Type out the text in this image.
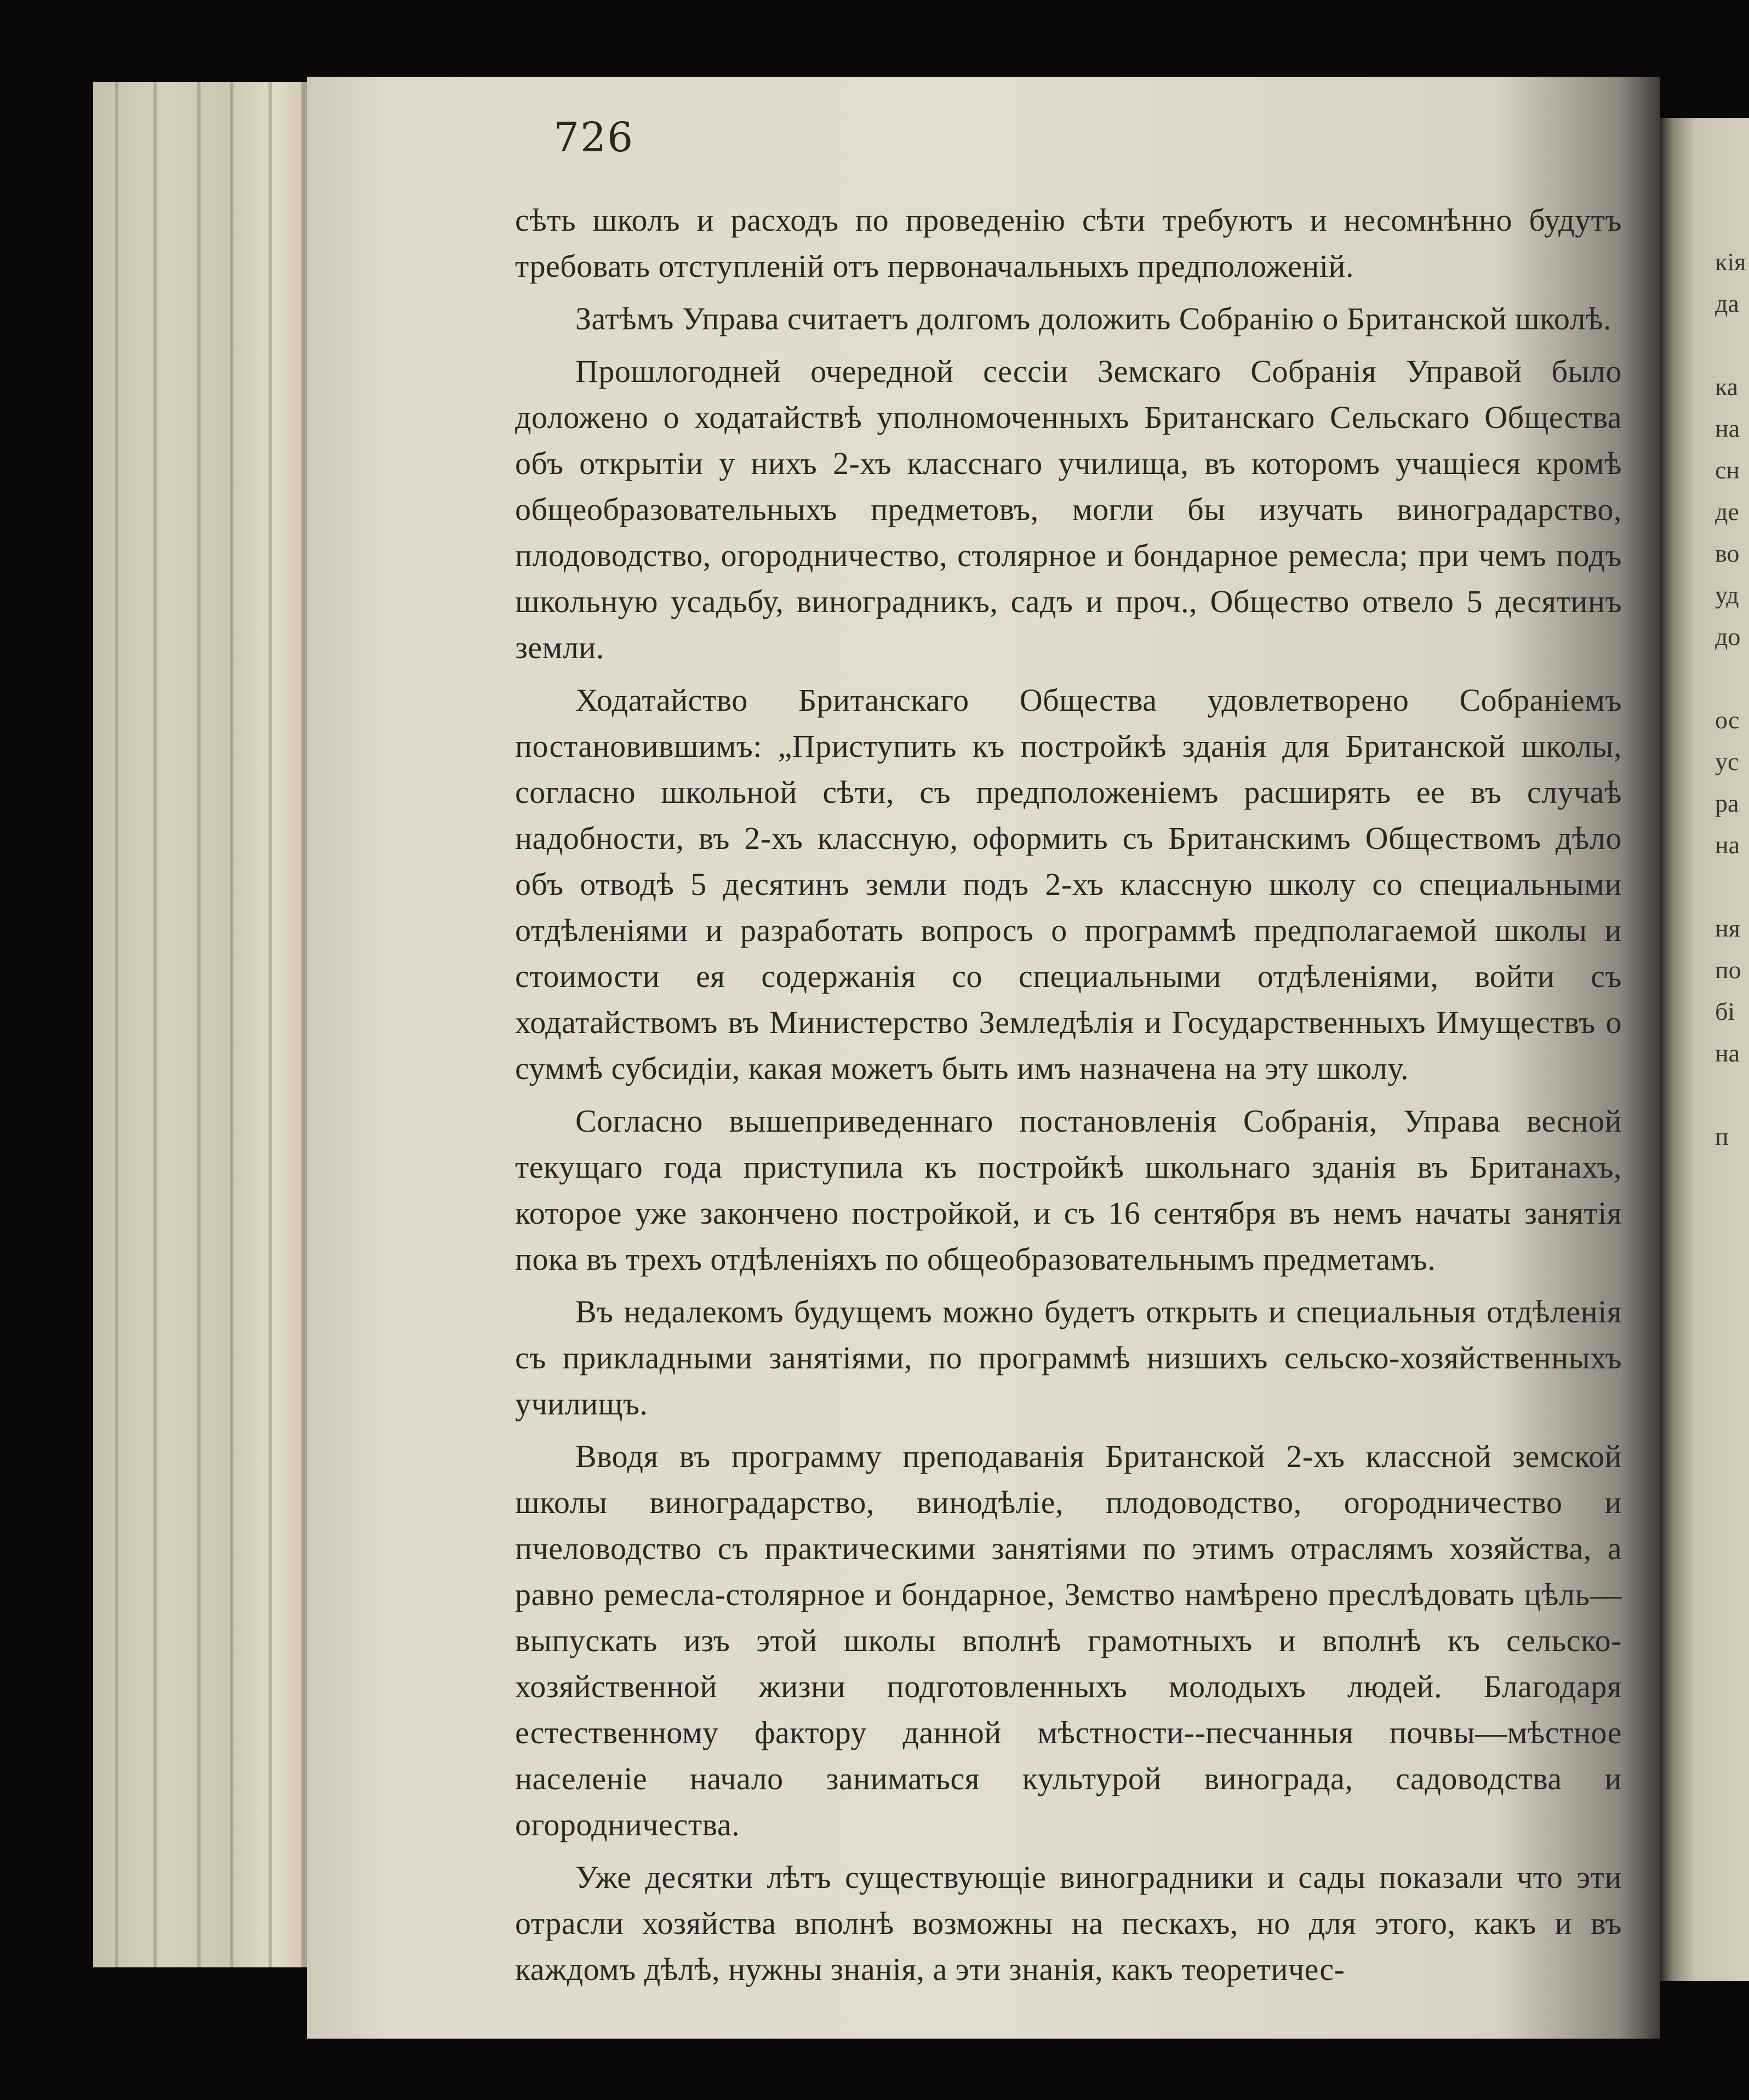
726

сѣть школъ и расходъ по проведенію сѣти требуютъ и несомнѣнно будутъ требовать отступленій отъ первоначальныхъ предположеній.

Затѣмъ Управа считаетъ долгомъ доложить Собранію о Британской школѣ.

Прошлогодней очередной сессіи Земскаго Собранія Управой было доложено о ходатайствѣ уполномоченныхъ Британскаго Сельскаго Общества объ открытіи у нихъ 2-хъ класснаго училища, въ которомъ учащіеся кромѣ общеобразовательныхъ предметовъ, могли бы изучать виноградарство, плодоводство, огородничество, столярное и бондарное ремесла; при чемъ подъ школьную усадьбу, виноградникъ, садъ и проч., Общество отвело 5 десятинъ земли.

Ходатайство Британскаго Общества удовлетворено Собраніемъ постановившимъ: „Приступить къ постройкѣ зданія для Британской школы, согласно школьной сѣти, съ предположеніемъ расширять ее въ случаѣ надобности, въ 2-хъ классную, оформить съ Британскимъ Обществомъ дѣло объ отводѣ 5 десятинъ земли подъ 2-хъ классную школу со специальными отдѣленіями и разработать вопросъ о программѣ предполагаемой школы и стоимости ея содержанія со специальными отдѣленіями, войти съ ходатайствомъ въ Министерство Земледѣлія и Государственныхъ Имуществъ о суммѣ субсидіи, какая можетъ быть имъ назначена на эту школу.

Согласно вышеприведеннаго постановленія Собранія, Управа весной текущаго года приступила къ постройкѣ школьнаго зданія въ Британахъ, которое уже закончено постройкой, и съ 16 сентября въ немъ начаты занятія пока въ трехъ отдѣленіяхъ по общеобразовательнымъ предметамъ.

Въ недалекомъ будущемъ можно будетъ открыть и специальныя отдѣленія съ прикладными занятіями, по программѣ низшихъ сельско-хозяйственныхъ училищъ.

Вводя въ программу преподаванія Британской 2-хъ классной земской школы виноградарство, винодѣліе, плодоводство, огородничество и пчеловодство съ практическими занятіями по этимъ отраслямъ хозяйства, а равно ремесла-столярное и бондарное, Земство намѣрено преслѣдовать цѣль—выпускать изъ этой школы вполнѣ грамотныхъ и вполнѣ къ сельско-хозяйственной жизни подготовленныхъ молодыхъ людей. Благодаря естественному фактору данной мѣстности--песчанныя почвы—мѣстное населеніе начало заниматься культурой винограда, садоводства и огородничества.

Уже десятки лѣтъ существующіе виноградники и сады показали что эти отрасли хозяйства вполнѣ возможны на пескахъ, но для этого, какъ и въ каждомъ дѣлѣ, нужны знанія, а эти знанія, какъ теоретичес-

кія
да

ка
на
сн
де
во
уд
до

ос
ус
ра
на

ня
по
бі
на

п
